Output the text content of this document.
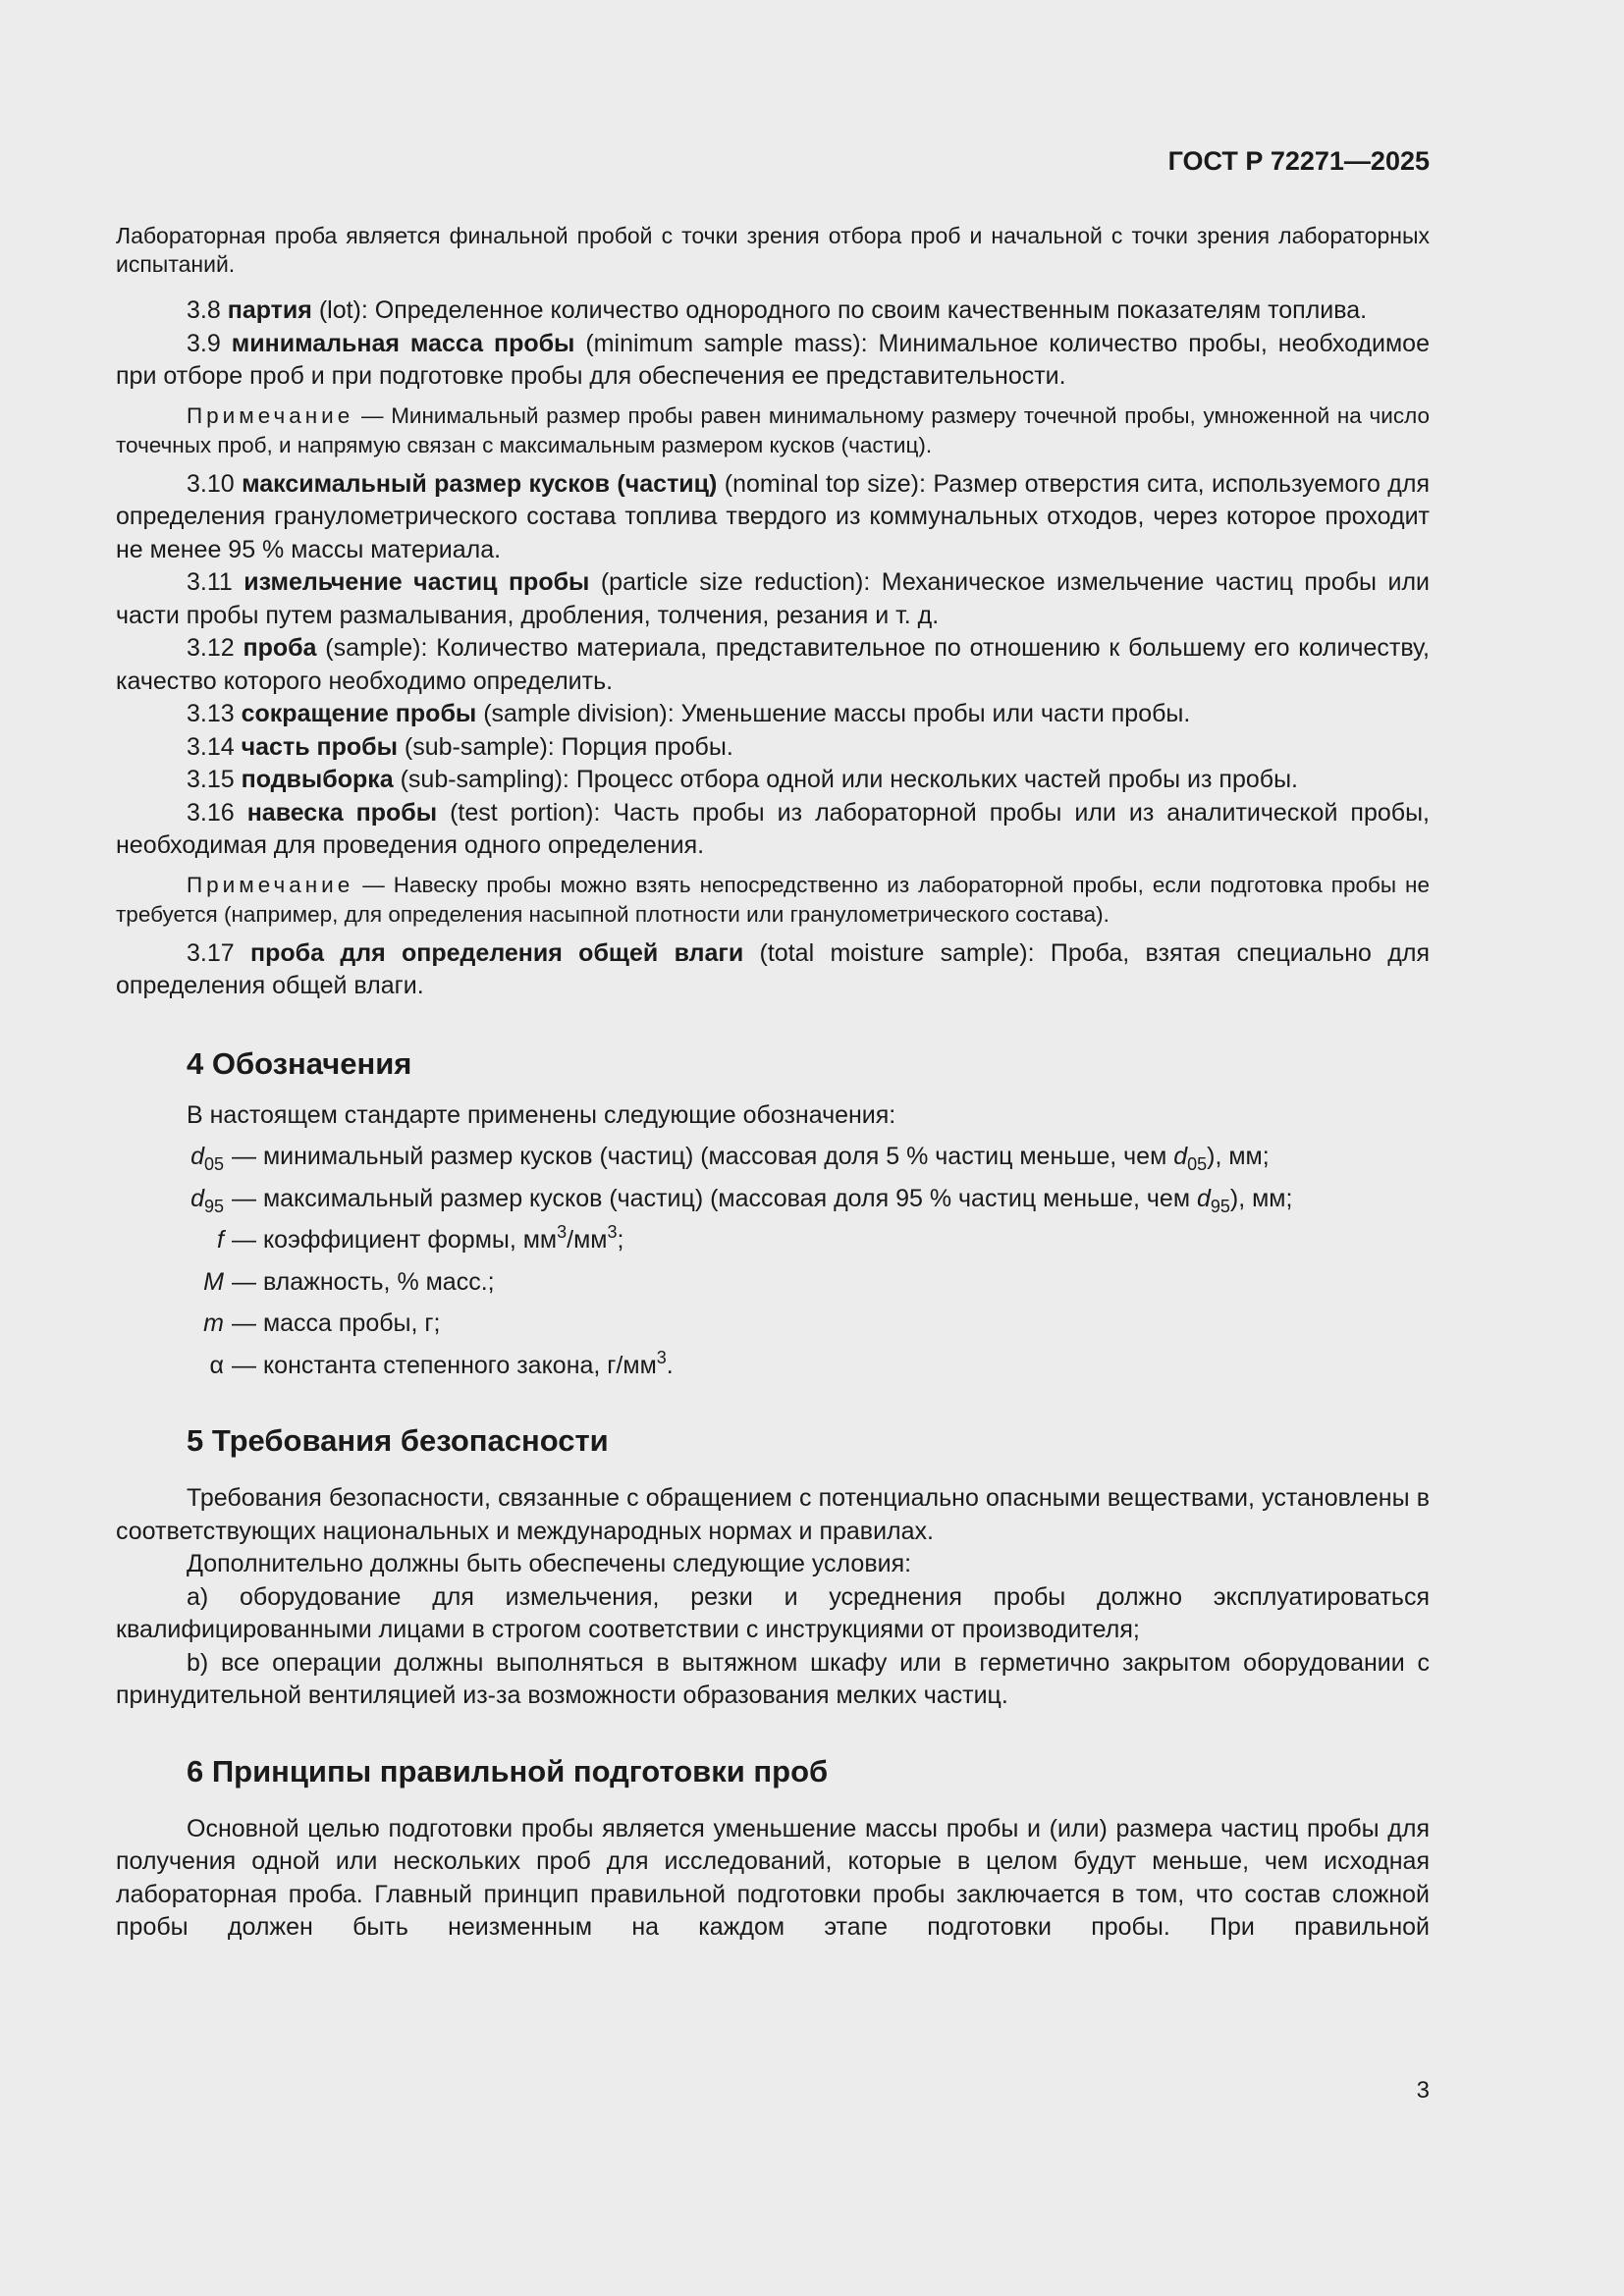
ГОСТ Р 72271—2025

Лабораторная проба является финальной пробой с точки зрения отбора проб и начальной с точки зрения лабораторных испытаний.

3.8 партия (lot): Определенное количество однородного по своим качественным показателям топлива.

3.9 минимальная масса пробы (minimum sample mass): Минимальное количество пробы, необходимое при отборе проб и при подготовке пробы для обеспечения ее представительности.

Примечание — Минимальный размер пробы равен минимальному размеру точечной пробы, умноженной на число точечных проб, и напрямую связан с максимальным размером кусков (частиц).

3.10 максимальный размер кусков (частиц) (nominal top size): Размер отверстия сита, используемого для определения гранулометрического состава топлива твердого из коммунальных отходов, через которое проходит не менее 95 % массы материала.

3.11 измельчение частиц пробы (particle size reduction): Механическое измельчение частиц пробы или части пробы путем размалывания, дробления, толчения, резания и т. д.

3.12 проба (sample): Количество материала, представительное по отношению к большему его количеству, качество которого необходимо определить.

3.13 сокращение пробы (sample division): Уменьшение массы пробы или части пробы.

3.14 часть пробы (sub-sample): Порция пробы.

3.15 подвыборка (sub-sampling): Процесс отбора одной или нескольких частей пробы из пробы.

3.16 навеска пробы (test portion): Часть пробы из лабораторной пробы или из аналитической пробы, необходимая для проведения одного определения.

Примечание — Навеску пробы можно взять непосредственно из лабораторной пробы, если подготовка пробы не требуется (например, для определения насыпной плотности или гранулометрического состава).

3.17 проба для определения общей влаги (total moisture sample): Проба, взятая специально для определения общей влаги.

4 Обозначения

В настоящем стандарте применены следующие обозначения:

$d_{05}$ — минимальный размер кусков (частиц) (массовая доля 5 % частиц меньше, чем $d_{05}$), мм;
$d_{95}$ — максимальный размер кусков (частиц) (массовая доля 95 % частиц меньше, чем $d_{95}$), мм;
f — коэффициент формы, $мм^3/мм^3$;
M — влажность, % масс.;
m — масса пробы, г;
α — константа степенного закона, $г/мм^3$.
5 Требования безопасности

Требования безопасности, связанные с обращением с потенциально опасными веществами, установлены в соответствующих национальных и международных нормах и правилах.

Дополнительно должны быть обеспечены следующие условия:

a) оборудование для измельчения, резки и усреднения пробы должно эксплуатироваться квалифицированными лицами в строгом соответствии с инструкциями от производителя;

b) все операции должны выполняться в вытяжном шкафу или в герметично закрытом оборудовании с принудительной вентиляцией из-за возможности образования мелких частиц.

6 Принципы правильной подготовки проб

Основной целью подготовки пробы является уменьшение массы пробы и (или) размера частиц пробы для получения одной или нескольких проб для исследований, которые в целом будут меньше, чем исходная лабораторная проба. Главный принцип правильной подготовки пробы заключается в том, что состав сложной пробы должен быть неизменным на каждом этапе подготовки пробы. При правильной

3
